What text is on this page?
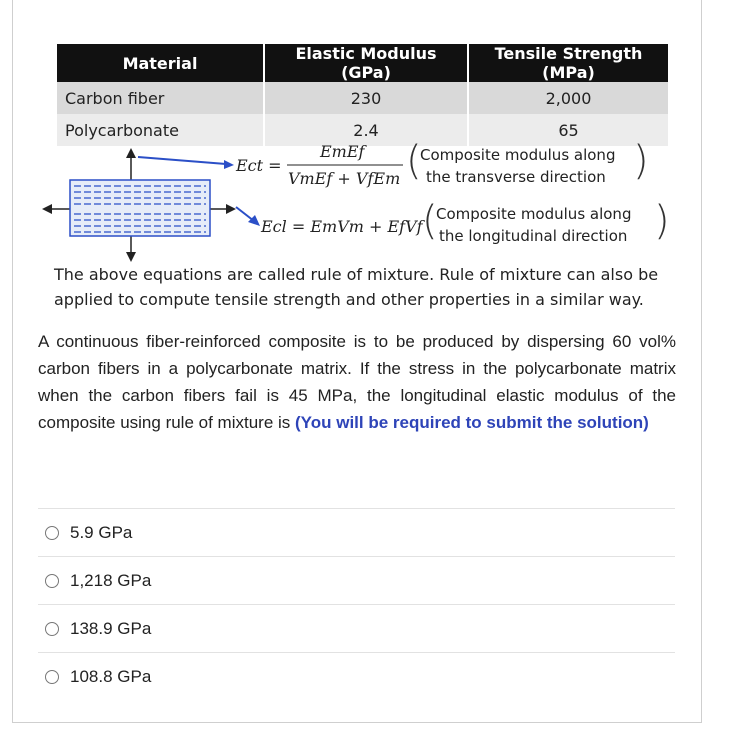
Material	Elastic Modulus (GPa)	Tensile Strength (MPa)
Carbon fiber	230	2,000
Polycarbonate	2.4	65
Ect =
EmEf
VmEf + VfEm (
Composite modulus along
the transverse direction )
Ecl = EmVm + EfVf (
Composite modulus along
the longitudinal direction )
The above equations are called rule of mixture. Rule of mixture can also be applied to compute tensile strength and other properties in a similar way.
A continuous fiber-reinforced composite is to be produced by dispersing 60 vol% carbon fibers in a polycarbonate matrix. If the stress in the polycarbonate matrix when the carbon fibers fail is 45 MPa, the longitudinal elastic modulus of the composite using rule of mixture is (You will be required to submit the solution)
5.9 GPa
1,218 GPa
138.9 GPa
108.8 GPa
